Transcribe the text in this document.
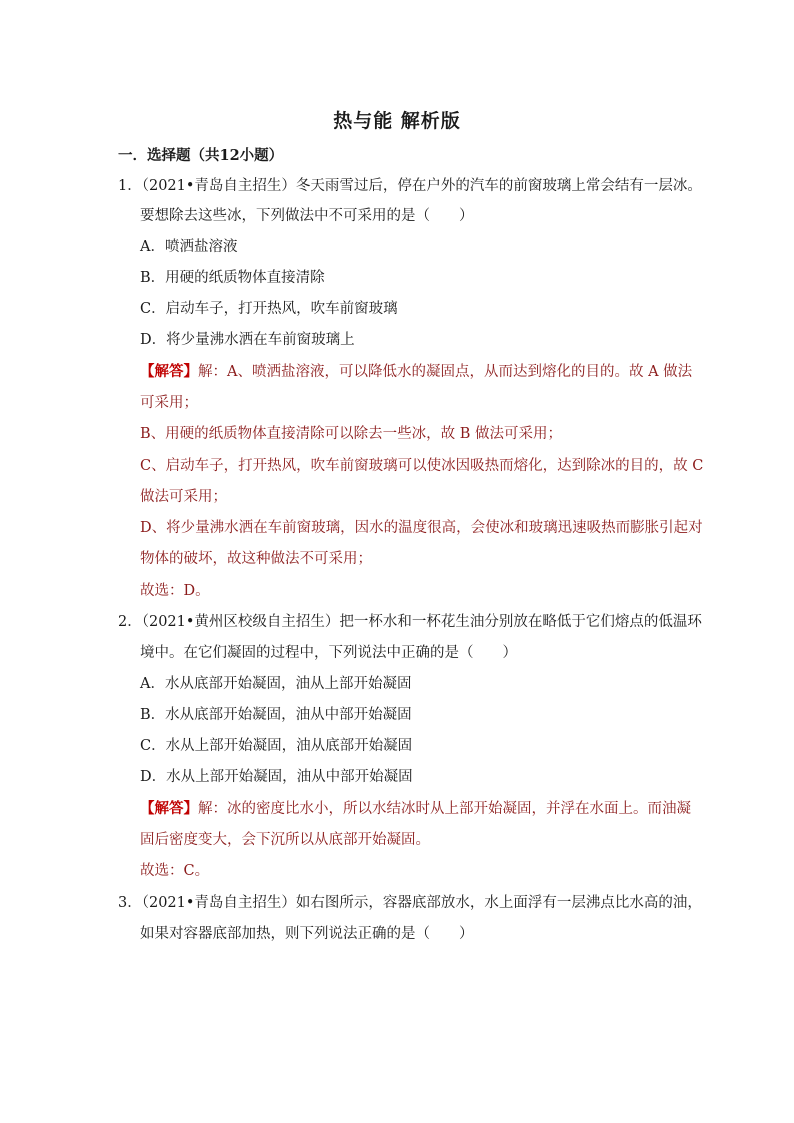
热与能 解析版
一．选择题（共12小题）
1．（2021•青岛自主招生）冬天雨雪过后，停在户外的汽车的前窗玻璃上常会结有一层冰。
要想除去这些冰，下列做法中不可采用的是（　　）
A．喷洒盐溶液
B．用硬的纸质物体直接清除
C．启动车子，打开热风，吹车前窗玻璃
D．将少量沸水洒在车前窗玻璃上
【解答】解：A、喷洒盐溶液，可以降低水的凝固点，从而达到熔化的目的。故 A 做法
可采用；
B、用硬的纸质物体直接清除可以除去一些冰，故 B 做法可采用；
C、启动车子，打开热风，吹车前窗玻璃可以使冰因吸热而熔化，达到除冰的目的，故 C
做法可采用；
D、将少量沸水洒在车前窗玻璃，因水的温度很高，会使冰和玻璃迅速吸热而膨胀引起对
物体的破坏，故这种做法不可采用；
故选：D。
2．（2021•黄州区校级自主招生）把一杯水和一杯花生油分别放在略低于它们熔点的低温环
境中。在它们凝固的过程中，下列说法中正确的是（　　）
A．水从底部开始凝固，油从上部开始凝固
B．水从底部开始凝固，油从中部开始凝固
C．水从上部开始凝固，油从底部开始凝固
D．水从上部开始凝固，油从中部开始凝固
【解答】解：冰的密度比水小，所以水结冰时从上部开始凝固，并浮在水面上。而油凝
固后密度变大，会下沉所以从底部开始凝固。
故选：C。
3．（2021•青岛自主招生）如右图所示，容器底部放水，水上面浮有一层沸点比水高的油，
如果对容器底部加热，则下列说法正确的是（　　）
